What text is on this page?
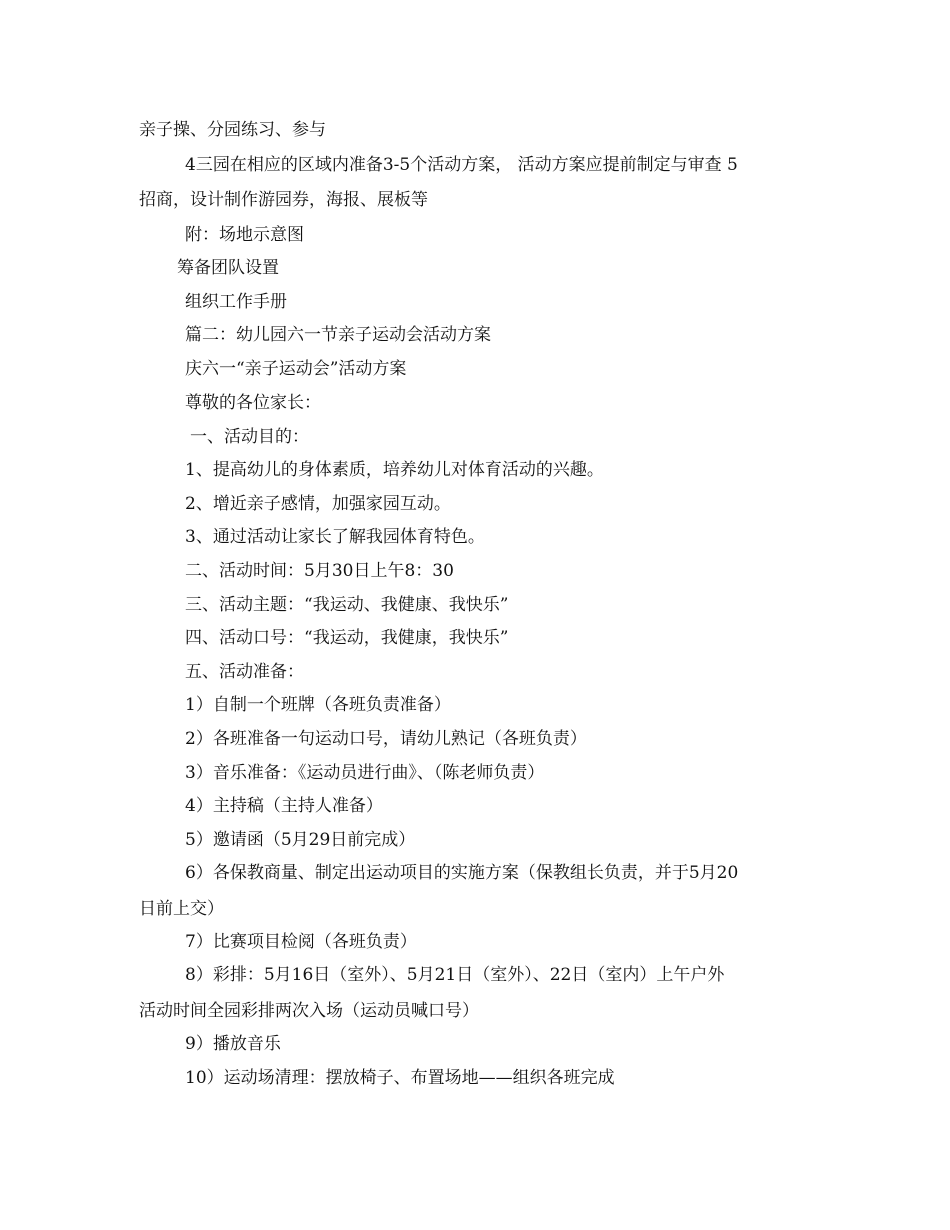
亲子操、分园练习、参与
4三园在相应的区域内准备3-5个活动方案， 活动方案应提前制定与审查 5
招商，设计制作游园券，海报、展板等
附：场地示意图
筹备团队设置
组织工作手册
篇二：幼儿园六一节亲子运动会活动方案
庆六一“亲子运动会”活动方案
尊敬的各位家长：
一、活动目的：
1、提高幼儿的身体素质，培养幼儿对体育活动的兴趣。
2、增近亲子感情，加强家园互动。
3、通过活动让家长了解我园体育特色。
二、活动时间：5月30日上午8：30
三、活动主题：“我运动、我健康、我快乐”
四、活动口号：“我运动，我健康，我快乐”
五、活动准备：
1）自制一个班牌（各班负责准备）
2）各班准备一句运动口号，请幼儿熟记（各班负责）
3）音乐准备：《运动员进行曲》、（陈老师负责）
4）主持稿（主持人准备）
5）邀请函（5月29日前完成）
6）各保教商量、制定出运动项目的实施方案（保教组长负责，并于5月20
日前上交）
7）比赛项目检阅（各班负责）
8）彩排：5月16日（室外）、5月21日（室外）、22日（室内）上午户外
活动时间全园彩排两次入场（运动员喊口号）
9）播放音乐
10）运动场清理：摆放椅子、布置场地——组织各班完成
